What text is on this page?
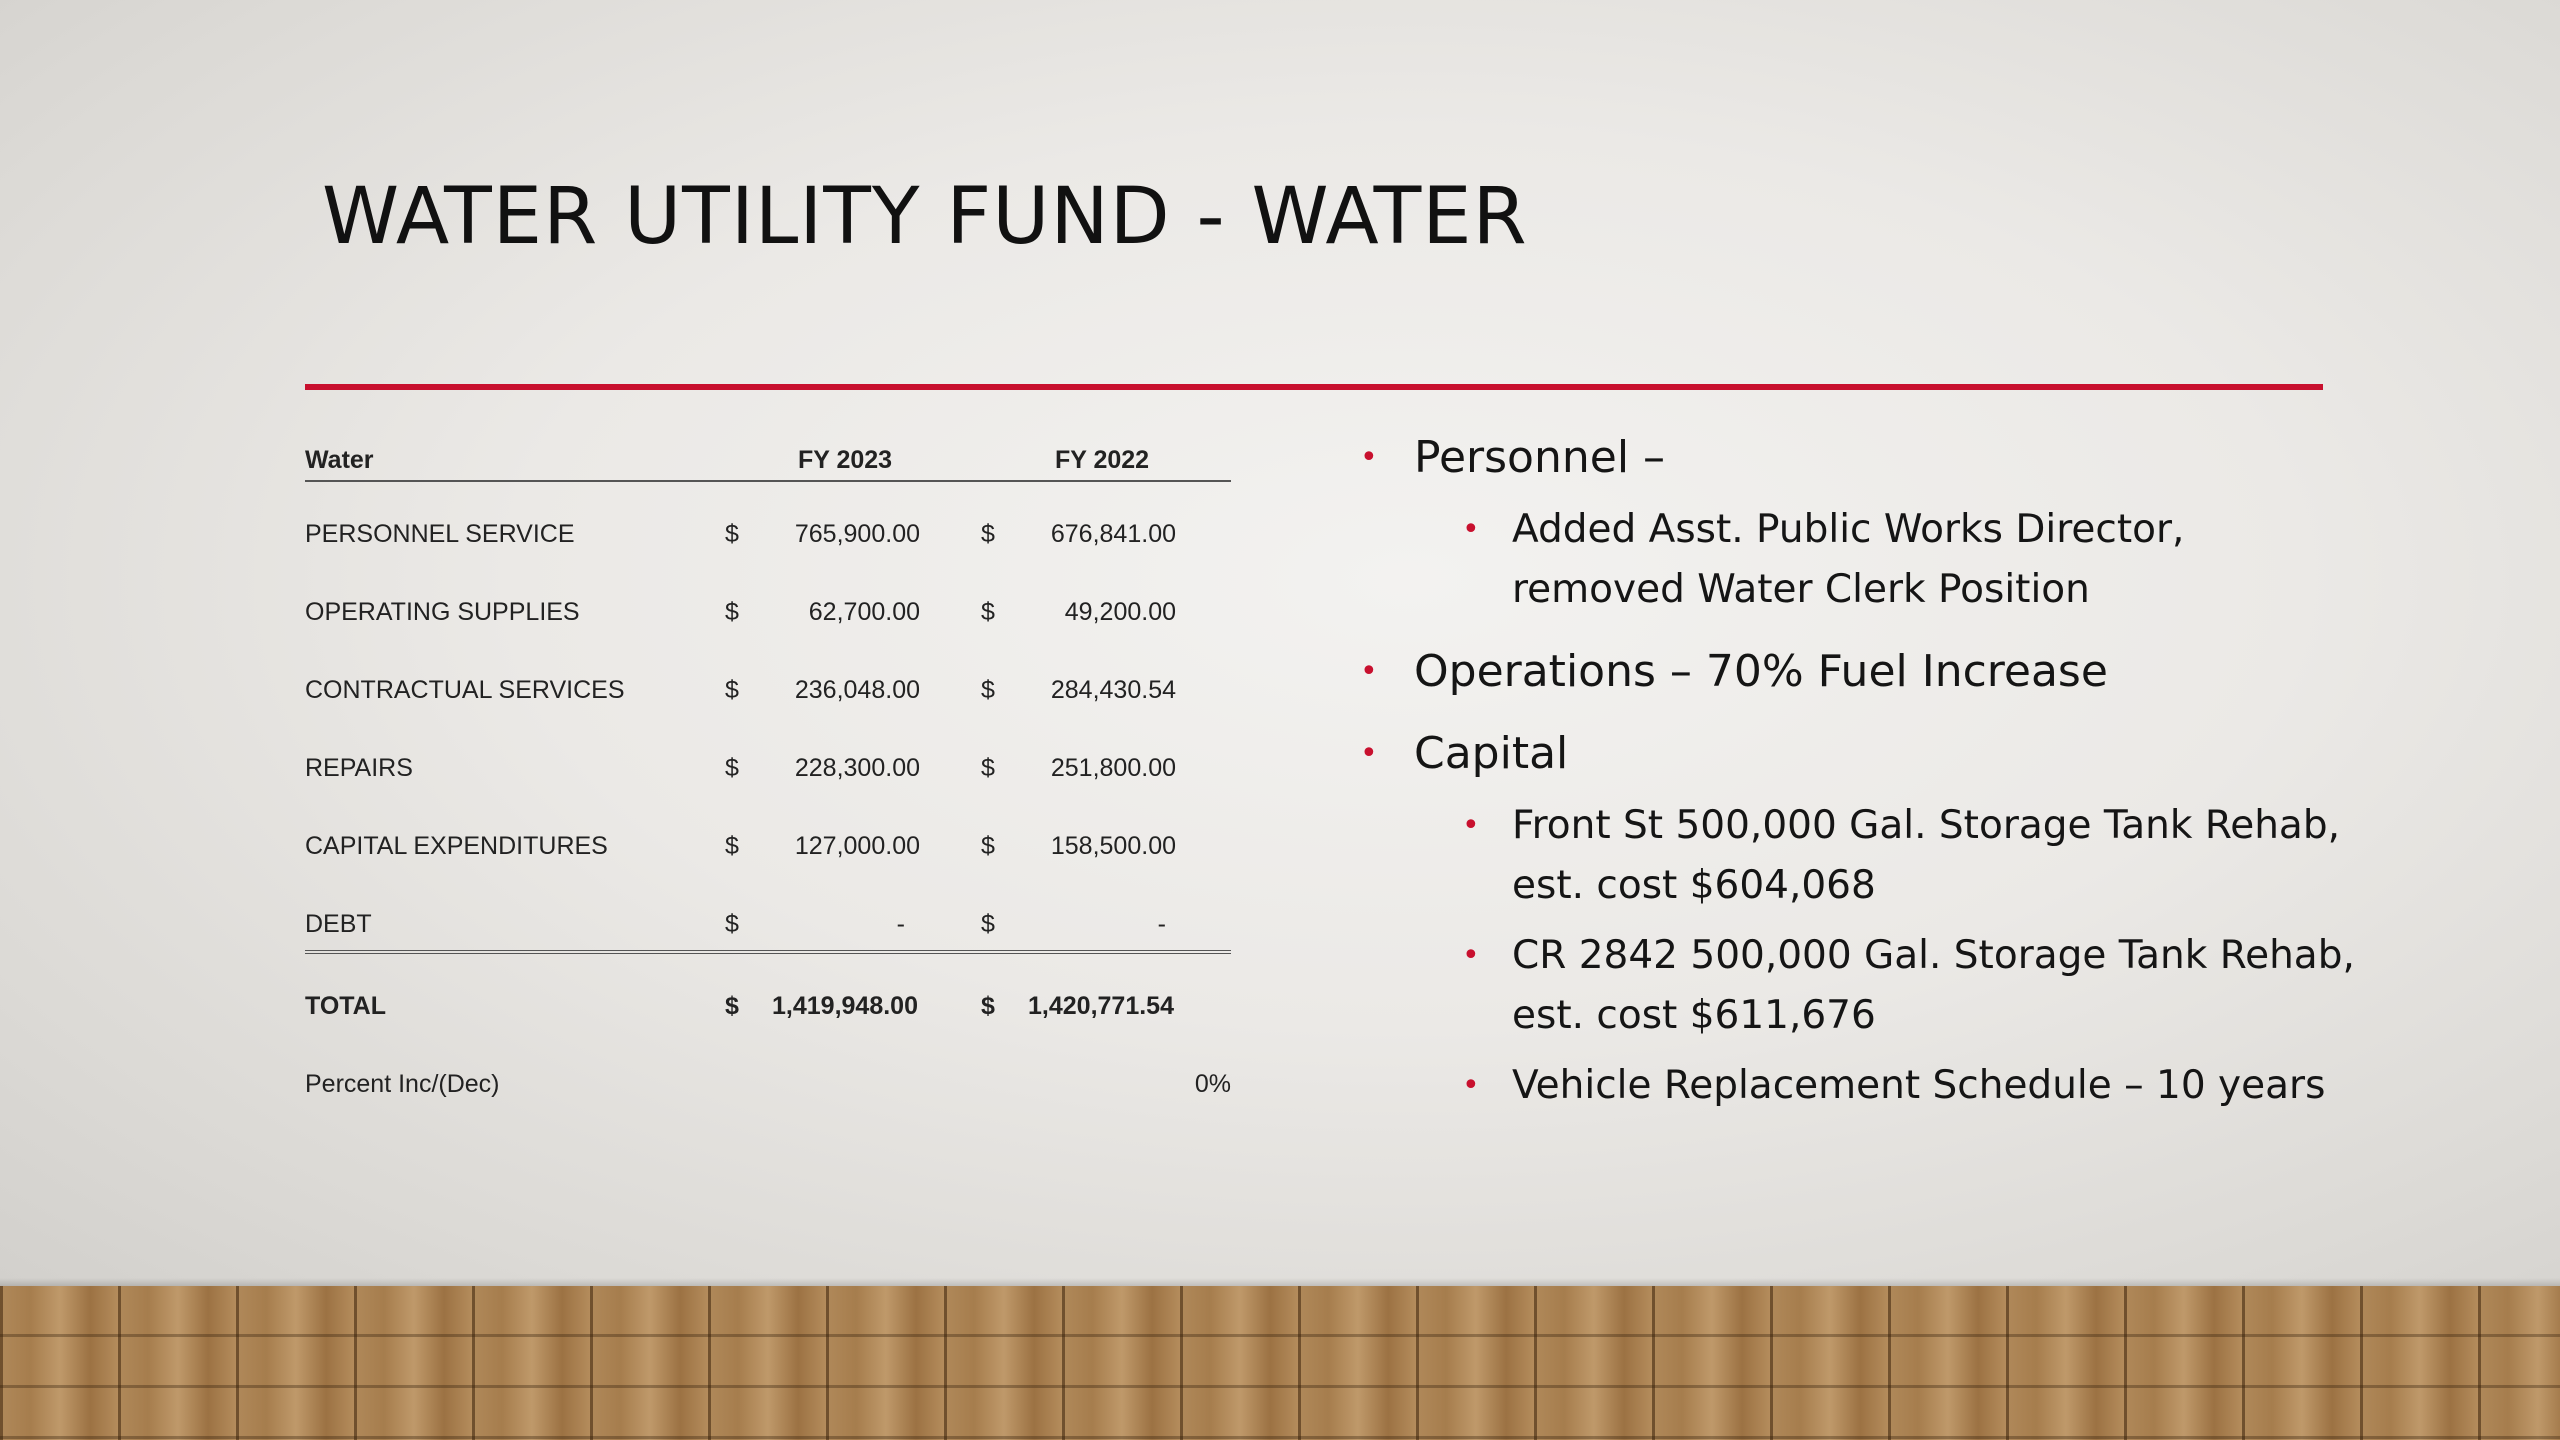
WATER UTILITY FUND - WATER
Water	FY 2023	FY 2022
PERSONNEL SERVICE	$	765,900.00 $	676,841.00
OPERATING SUPPLIES	$	62,700.00 $	49,200.00
CONTRACTUAL SERVICES	$	236,048.00 $	284,430.54
REPAIRS	$	228,300.00 $	251,800.00
CAPITAL EXPENDITURES	$	127,000.00 $	158,500.00
DEBT	$	-	$	-
TOTAL	$	1,419,948.00	$	1,420,771.54
Percent Inc/(Dec)	0%
• Personnel –
• Added Asst. Public Works Director, removed Water Clerk Position
• Operations – 70% Fuel Increase
• Capital
• Front St 500,000 Gal. Storage Tank Rehab, est. cost $604,068
• CR 2842 500,000 Gal. Storage Tank Rehab, est. cost $611,676
• Vehicle Replacement Schedule – 10 years
